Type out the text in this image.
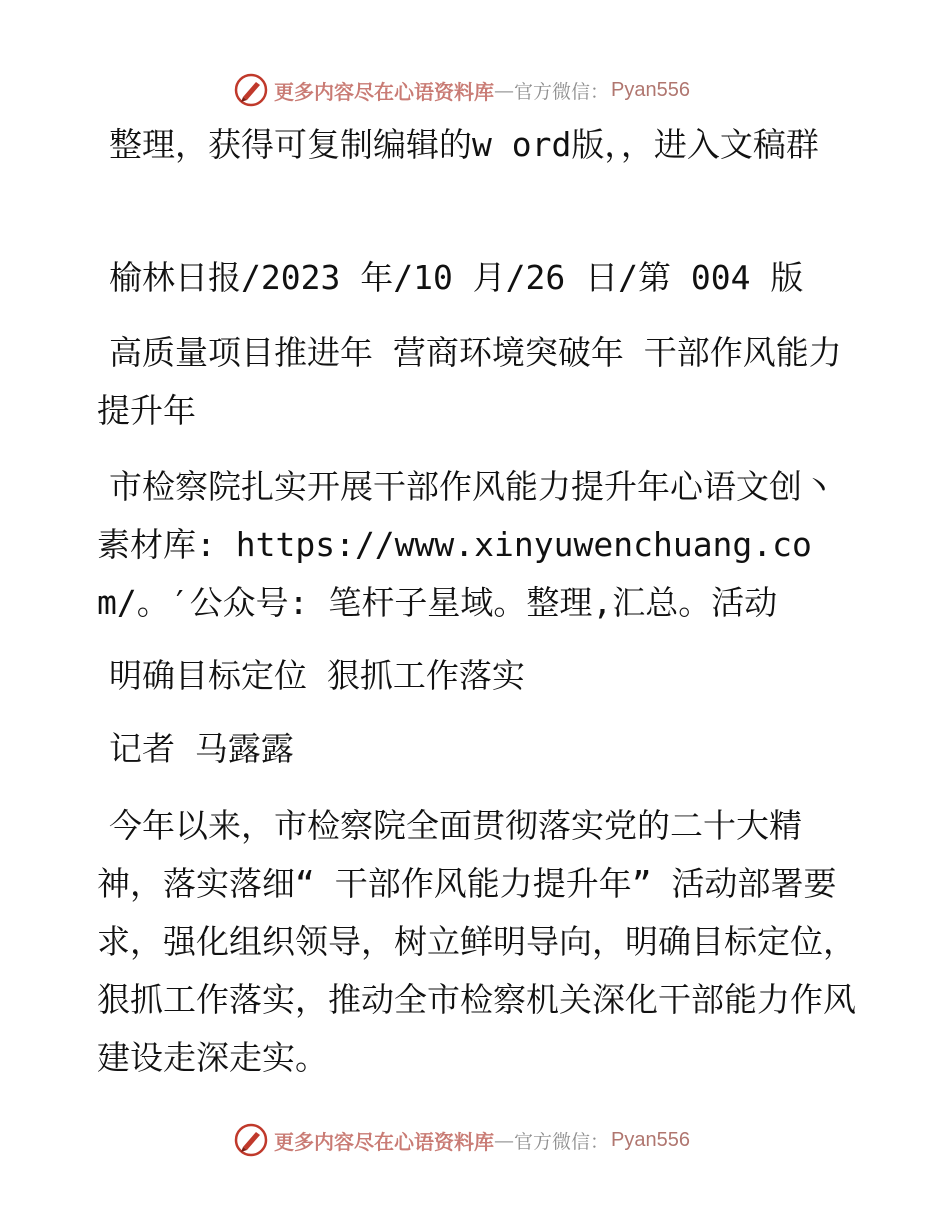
更多内容尽在心语资料库 — 官方微信： Pyan556

整理，获得可复制编辑的w ord版，，进入文稿群

榆林日报/2023 年/10 月/26 日/第 004 版

高质量项目推进年 营商环境突破年 干部作风能力提升年

市检察院扎实开展干部作风能力提升年心语文创丶素材库: https://www.xinyuwenchuang.com/。′公众号: 笔杆子星域。整理,汇总。活动

明确目标定位 狠抓工作落实

记者 马露露

今年以来，市检察院全面贯彻落实党的二十大精神，落实落细“ 干部作风能力提升年” 活动部署要求，强化组织领导，树立鲜明导向，明确目标定位，狠抓工作落实，推动全市检察机关深化干部能力作风建设走深走实。

更多内容尽在心语资料库 — 官方微信： Pyan556
